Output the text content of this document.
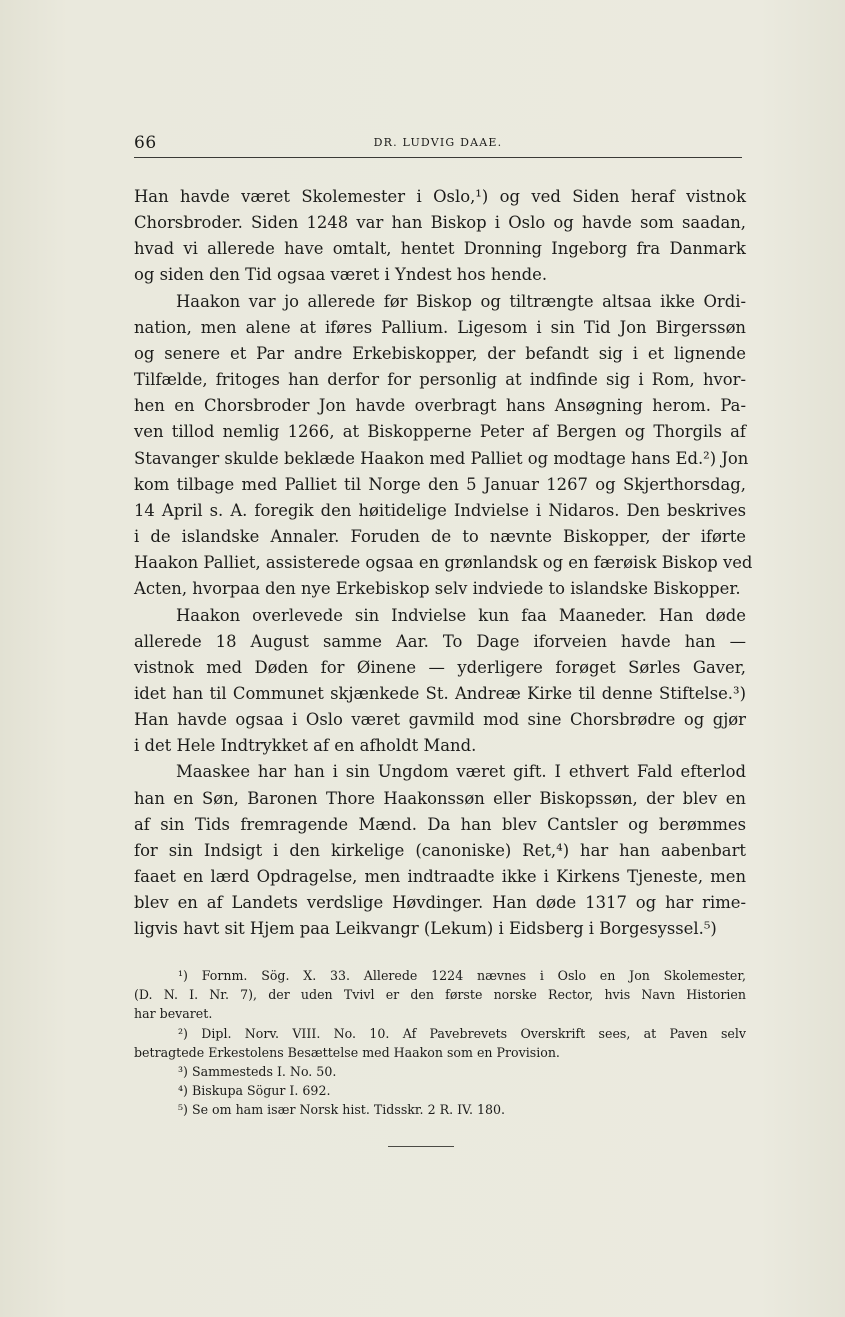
66	DR. LUDVIG DAAE.
Han havde været Skolemester i Oslo,¹) og ved Siden heraf vistnok
Chorsbroder. Siden 1248 var han Biskop i Oslo og havde som saadan,
hvad vi allerede have omtalt, hentet Dronning Ingeborg fra Danmark
og siden den Tid ogsaa været i Yndest hos hende.
Haakon var jo allerede før Biskop og tiltrængte altsaa ikke Ordi-
nation, men alene at iføres Pallium. Ligesom i sin Tid Jon Birgerssøn
og senere et Par andre Erkebiskopper, der befandt sig i et lignende
Tilfælde, fritoges han derfor for personlig at indfinde sig i Rom, hvor-
hen en Chorsbroder Jon havde overbragt hans Ansøgning herom. Pa-
ven tillod nemlig 1266, at Biskopperne Peter af Bergen og Thorgils af
Stavanger skulde beklæde Haakon med Palliet og modtage hans Ed.²) Jon
kom tilbage med Palliet til Norge den 5 Januar 1267 og Skjerthorsdag,
14 April s. A. foregik den høitidelige Indvielse i Nidaros. Den beskrives
i de islandske Annaler. Foruden de to nævnte Biskopper, der iførte
Haakon Palliet, assisterede ogsaa en grønlandsk og en færøisk Biskop ved
Acten, hvorpaa den nye Erkebiskop selv indviede to islandske Biskopper.
Haakon overlevede sin Indvielse kun faa Maaneder. Han døde
allerede 18 August samme Aar. To Dage iforveien havde han —
vistnok med Døden for Øinene — yderligere forøget Sørles Gaver,
idet han til Communet skjænkede St. Andreæ Kirke til denne Stiftelse.³)
Han havde ogsaa i Oslo været gavmild mod sine Chorsbrødre og gjør
i det Hele Indtrykket af en afholdt Mand.
Maaskee har han i sin Ungdom været gift. I ethvert Fald efterlod
han en Søn, Baronen Thore Haakonssøn eller Biskopssøn, der blev en
af sin Tids fremragende Mænd. Da han blev Cantsler og berømmes
for sin Indsigt i den kirkelige (canoniske) Ret,⁴) har han aabenbart
faaet en lærd Opdragelse, men indtraadte ikke i Kirkens Tjeneste, men
blev en af Landets verdslige Høvdinger. Han døde 1317 og har rime-
ligvis havt sit Hjem paa Leikvangr (Lekum) i Eidsberg i Borgesyssel.⁵)
¹) Fornm. Sög. X. 33. Allerede 1224 nævnes i Oslo en Jon Skolemester,
(D. N. I. Nr. 7), der uden Tvivl er den første norske Rector, hvis Navn Historien
har bevaret.
²) Dipl. Norv. VIII. No. 10. Af Pavebrevets Overskrift sees, at Paven selv
betragtede Erkestolens Besættelse med Haakon som en Provision.
³) Sammesteds I. No. 50.
⁴) Biskupa Sögur I. 692.
⁵) Se om ham især Norsk hist. Tidsskr. 2 R. IV. 180.
